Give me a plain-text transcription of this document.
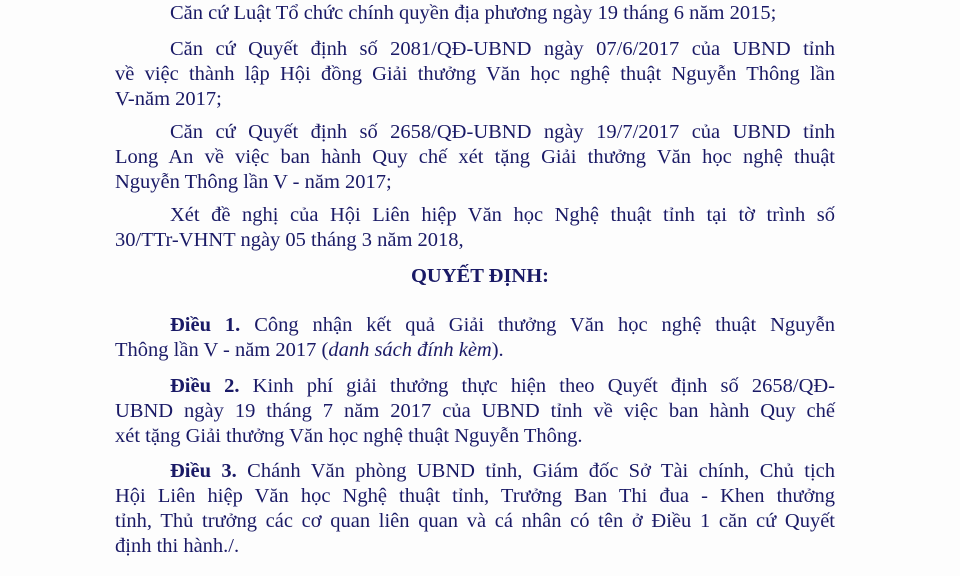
Căn cứ Luật Tổ chức chính quyền địa phương ngày 19 tháng 6 năm 2015;

Căn cứ Quyết định số 2081/QĐ-UBND ngày 07/6/2017 của UBND tỉnh
về việc thành lập Hội đồng Giải thưởng Văn học nghệ thuật Nguyễn Thông lần
V-năm 2017;

Căn cứ Quyết định số 2658/QĐ-UBND ngày 19/7/2017 của UBND tỉnh
Long An về việc ban hành Quy chế xét tặng Giải thưởng Văn học nghệ thuật
Nguyễn Thông lần V - năm 2017;

Xét đề nghị của Hội Liên hiệp Văn học Nghệ thuật tỉnh tại tờ trình số
30/TTr-VHNT ngày 05 tháng 3 năm 2018,

QUYẾT ĐỊNH:

Điều 1. Công nhận kết quả Giải thưởng Văn học nghệ thuật Nguyễn
Thông lần V - năm 2017 (danh sách đính kèm).

Điều 2. Kinh phí giải thưởng thực hiện theo Quyết định số 2658/QĐ-
UBND ngày 19 tháng 7 năm 2017 của UBND tỉnh về việc ban hành Quy chế
xét tặng Giải thưởng Văn học nghệ thuật Nguyễn Thông.

Điều 3. Chánh Văn phòng UBND tỉnh, Giám đốc Sở Tài chính, Chủ tịch
Hội Liên hiệp Văn học Nghệ thuật tỉnh, Trưởng Ban Thi đua - Khen thưởng
tỉnh, Thủ trưởng các cơ quan liên quan và cá nhân có tên ở Điều 1 căn cứ Quyết
định thi hành./.
